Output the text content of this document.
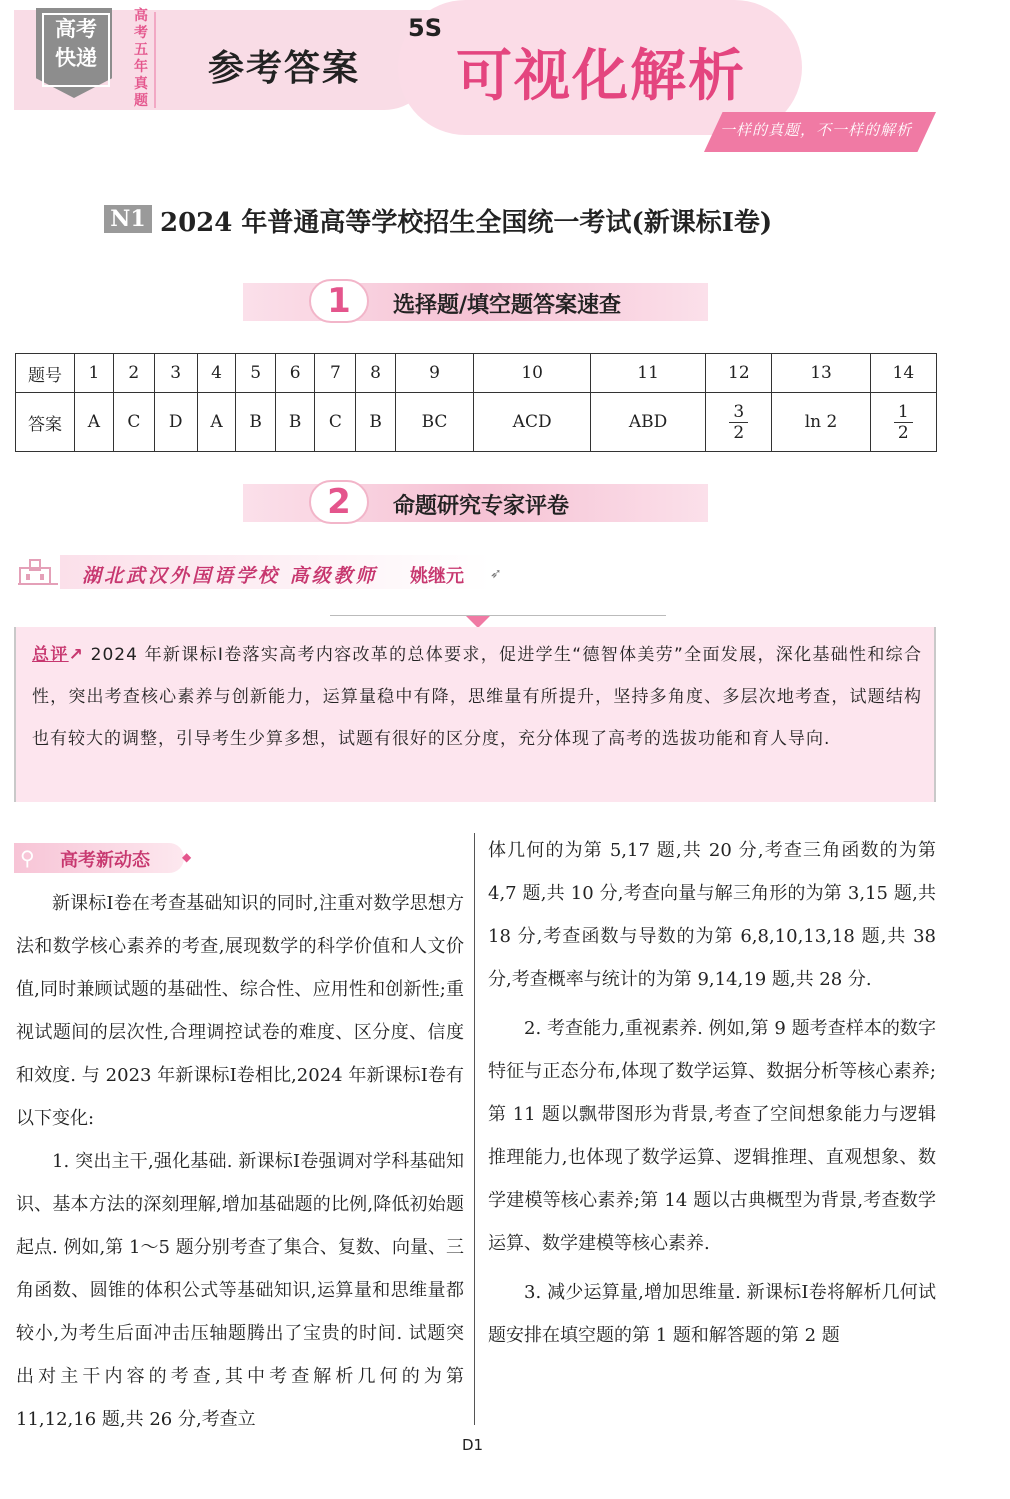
高考
快递
高考五年真题
参考答案
5S
可视化解析
一样的真题，不一样的解析
N1 2024 年普通高等学校招生全国统一考试(新课标Ⅰ卷)
1	选择题/填空题答案速查
题号	1	2	3	4	5	6	7	8	9	10	11	12	13	14
答案	A	C	D	A	B	B	C	B	BC	ACD	ABD	$\frac{3}{2}$	ln 2	$\frac{1}{2}$
2	命题研究专家评卷
湖北武汉外国语学校 高级教师 姚继元 ➶
总评↗ 2024 年新课标Ⅰ卷落实高考内容改革的总体要求，促进学生“德智体美劳”全面发展，深化基础性和综合性，突出考查核心素养与创新能力，运算量稳中有降，思维量有所提升，坚持多角度、多层次地考查，试题结构也有较大的调整，引导考生少算多想，试题有很好的区分度，充分体现了高考的选拔功能和育人导向.
⚲ 高考新动态	◆

新课标Ⅰ卷在考查基础知识的同时,注重对数学思想方法和数学核心素养的考查,展现数学的科学价值和人文价值,同时兼顾试题的基础性、综合性、应用性和创新性;重视试题间的层次性,合理调控试卷的难度、区分度、信度和效度. 与 2023 年新课标Ⅰ卷相比,2024 年新课标Ⅰ卷有以下变化:

1. 突出主干,强化基础. 新课标Ⅰ卷强调对学科基础知识、基本方法的深刻理解,增加基础题的比例,降低初始题起点. 例如,第 1～5 题分别考查了集合、复数、向量、三角函数、圆锥的体积公式等基础知识,运算量和思维量都较小,为考生后面冲击压轴题腾出了宝贵的时间. 试题突出对主干内容的考查,其中考查解析几何的为第 11,12,16 题,共 26 分,考查立

体几何的为第 5,17 题,共 20 分,考查三角函数的为第 4,7 题,共 10 分,考查向量与解三角形的为第 3,15 题,共 18 分,考查函数与导数的为第 6,8,10,13,18 题,共 38 分,考查概率与统计的为第 9,14,19 题,共 28 分.

2. 考查能力,重视素养. 例如,第 9 题考查样本的数字特征与正态分布,体现了数学运算、数据分析等核心素养;第 11 题以飘带图形为背景,考查了空间想象能力与逻辑推理能力,也体现了数学运算、逻辑推理、直观想象、数学建模等核心素养;第 14 题以古典概型为背景,考查数学运算、数学建模等核心素养.

3. 减少运算量,增加思维量. 新课标Ⅰ卷将解析几何试题安排在填空题的第 1 题和解答题的第 2 题

D1
